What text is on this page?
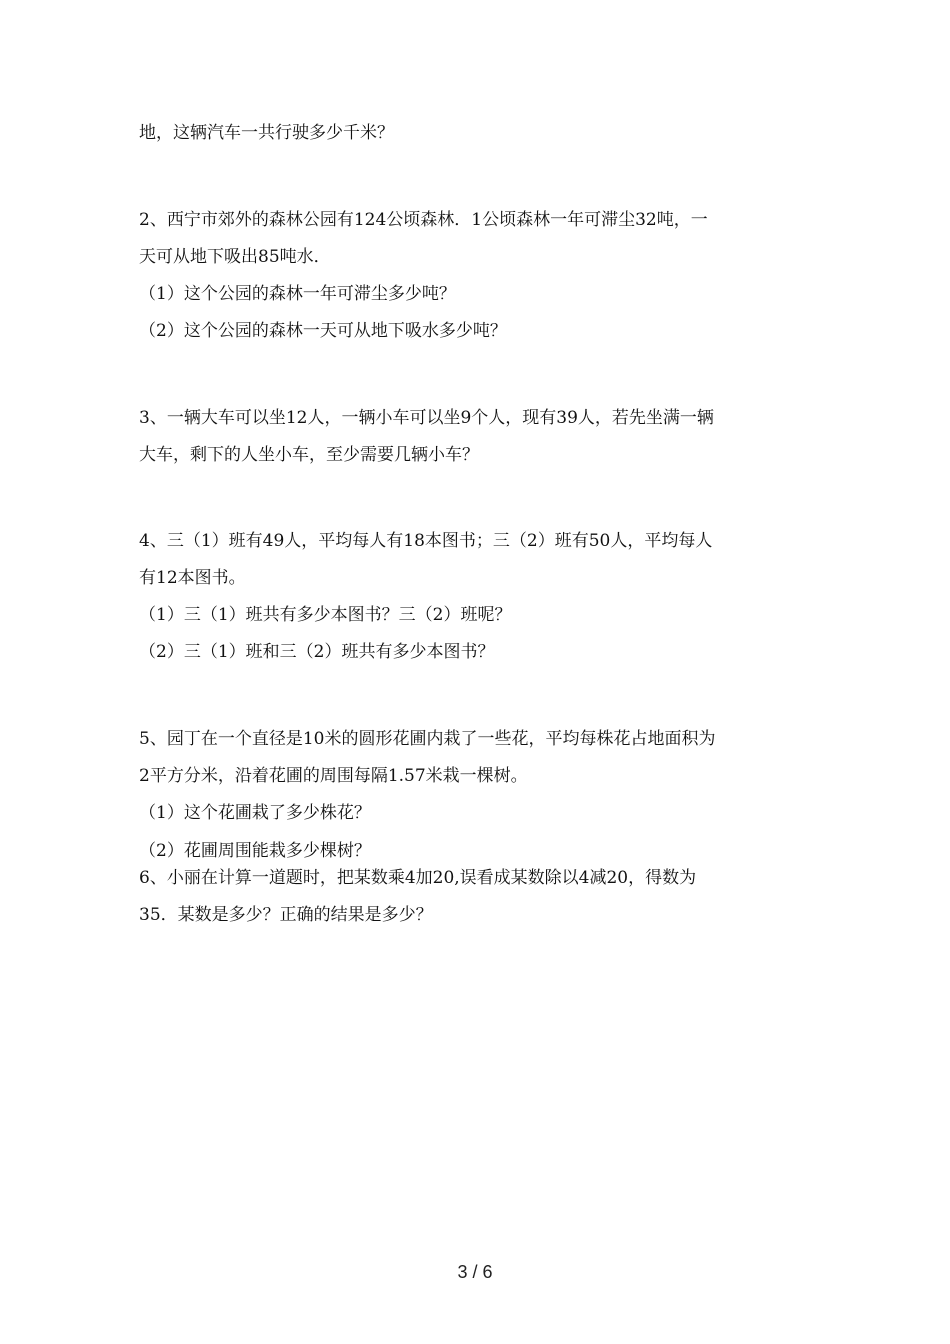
地，这辆汽车一共行驶多少千米？
2、西宁市郊外的森林公园有124公顷森林．1公顷森林一年可滞尘32吨，一
天可从地下吸出85吨水．
（1）这个公园的森林一年可滞尘多少吨？
（2）这个公园的森林一天可从地下吸水多少吨？
3、一辆大车可以坐12人，一辆小车可以坐9个人，现有39人，若先坐满一辆
大车，剩下的人坐小车，至少需要几辆小车？
4、三（1）班有49人，平均每人有18本图书；三（2）班有50人，平均每人
有12本图书。
（1）三（1）班共有多少本图书？三（2）班呢？
（2）三（1）班和三（2）班共有多少本图书？
5、园丁在一个直径是10米的圆形花圃内栽了一些花，平均每株花占地面积为
2平方分米，沿着花圃的周围每隔1.57米栽一棵树。
（1）这个花圃栽了多少株花？
（2）花圃周围能栽多少棵树？
6、小丽在计算一道题时，把某数乘4加20,误看成某数除以4减20，得数为
35．某数是多少？正确的结果是多少？
3 / 6
